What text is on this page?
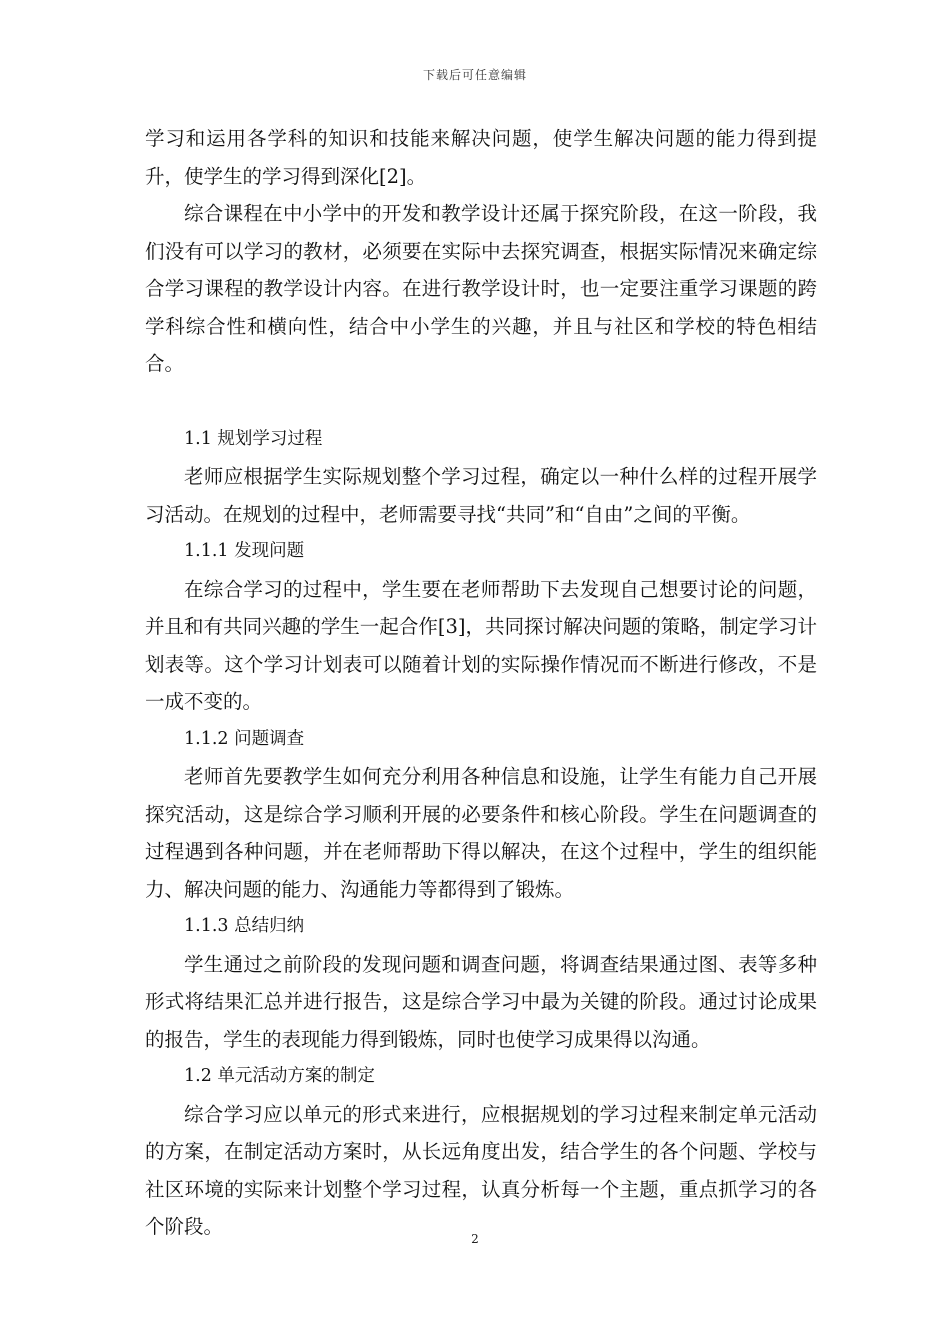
下载后可任意编辑

学习和运用各学科的知识和技能来解决问题，使学生解决问题的能力得到提升，使学生的学习得到深化[2]。

综合课程在中小学中的开发和教学设计还属于探究阶段，在这一阶段，我们没有可以学习的教材，必须要在实际中去探究调查，根据实际情况来确定综合学习课程的教学设计内容。在进行教学设计时，也一定要注重学习课题的跨学科综合性和横向性，结合中小学生的兴趣，并且与社区和学校的特色相结合。

1.1 规划学习过程

老师应根据学生实际规划整个学习过程，确定以一种什么样的过程开展学习活动。在规划的过程中，老师需要寻找“共同”和“自由”之间的平衡。

1.1.1 发现问题

在综合学习的过程中，学生要在老师帮助下去发现自己想要讨论的问题，并且和有共同兴趣的学生一起合作[3]，共同探讨解决问题的策略，制定学习计划表等。这个学习计划表可以随着计划的实际操作情况而不断进行修改，不是一成不变的。

1.1.2 问题调查

老师首先要教学生如何充分利用各种信息和设施，让学生有能力自己开展探究活动，这是综合学习顺利开展的必要条件和核心阶段。学生在问题调查的过程遇到各种问题，并在老师帮助下得以解决，在这个过程中，学生的组织能力、解决问题的能力、沟通能力等都得到了锻炼。

1.1.3 总结归纳

学生通过之前阶段的发现问题和调查问题，将调查结果通过图、表等多种形式将结果汇总并进行报告，这是综合学习中最为关键的阶段。通过讨论成果的报告，学生的表现能力得到锻炼，同时也使学习成果得以沟通。

1.2 单元活动方案的制定

综合学习应以单元的形式来进行，应根据规划的学习过程来制定单元活动的方案，在制定活动方案时，从长远角度出发，结合学生的各个问题、学校与社区环境的实际来计划整个学习过程，认真分析每一个主题，重点抓学习的各个阶段。

2
